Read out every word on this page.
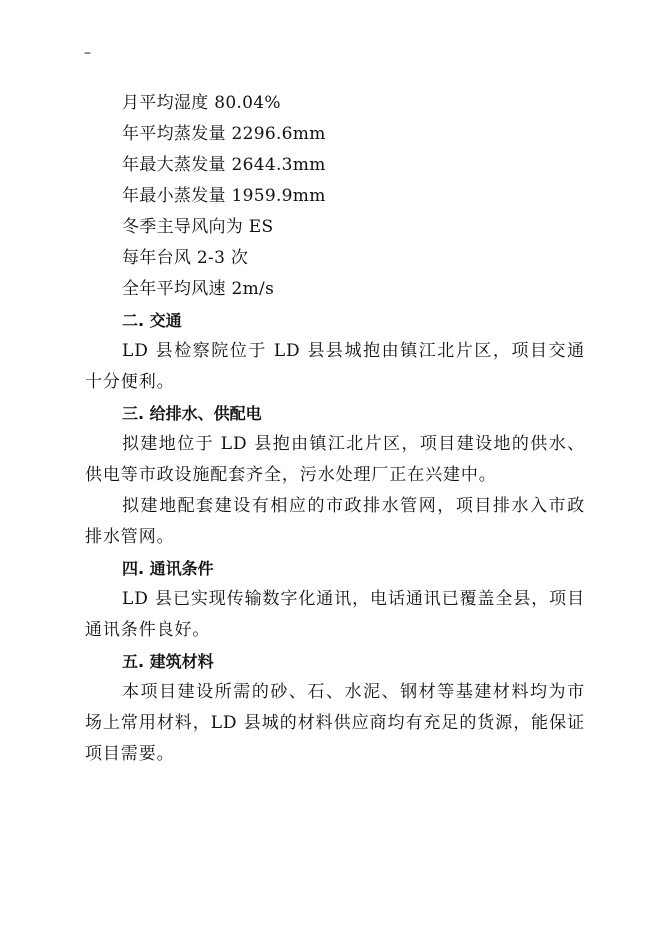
–
月平均湿度 80.04%
年平均蒸发量 2296.6mm
年最大蒸发量 2644.3mm
年最小蒸发量 1959.9mm
冬季主导风向为 ES
每年台风 2-3 次
全年平均风速 2m/s
二. 交通
LD 县检察院位于 LD 县县城抱由镇江北片区，项目交通十分便利。
三. 给排水、供配电
拟建地位于 LD 县抱由镇江北片区，项目建设地的供水、供电等市政设施配套齐全，污水处理厂正在兴建中。
拟建地配套建设有相应的市政排水管网，项目排水入市政排水管网。
四. 通讯条件
LD 县已实现传输数字化通讯，电话通讯已覆盖全县，项目通讯条件良好。
五. 建筑材料
本项目建设所需的砂、石、水泥、钢材等基建材料均为市场上常用材料，LD 县城的材料供应商均有充足的货源，能保证项目需要。
